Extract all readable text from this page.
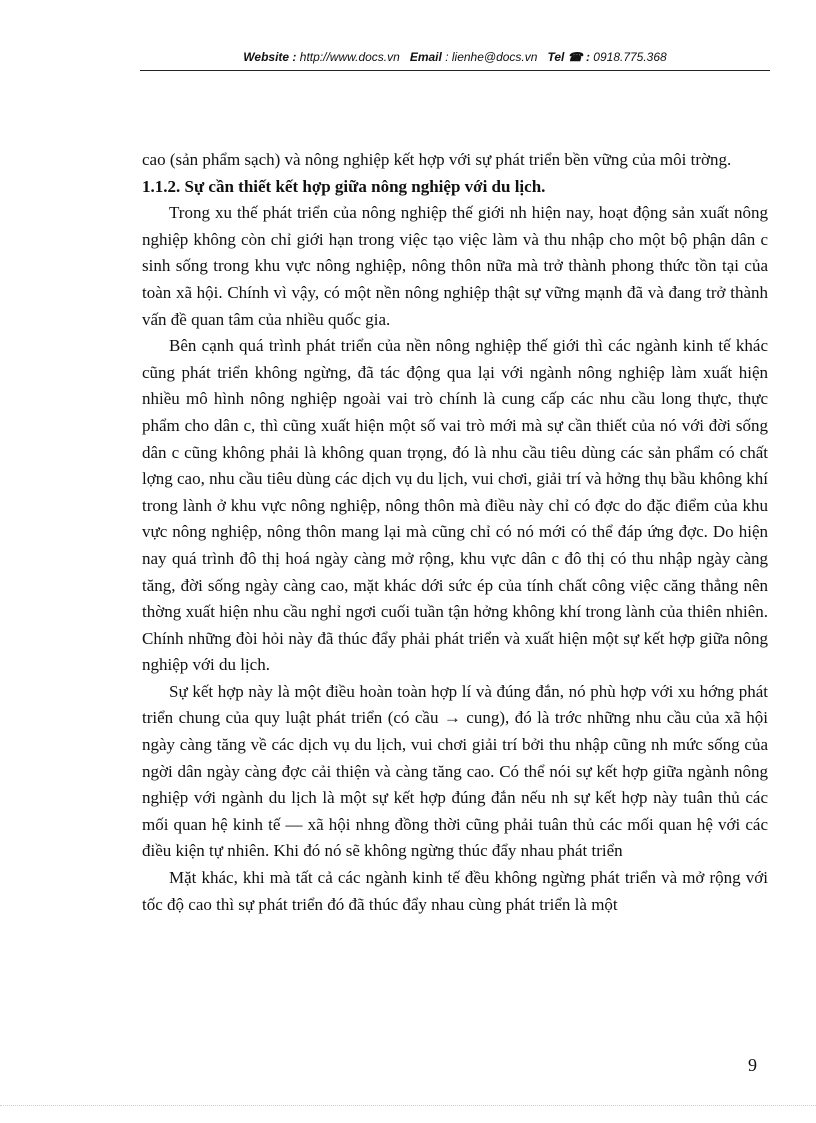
Website : http://www.docs.vn Email : lienhe@docs.vn Tel ☎ : 0918.775.368

cao (sản phẩm sạch) và nông nghiệp kết hợp với sự phát triển bền vững của môi trờng.

1.1.2. Sự cần thiết kết hợp giữa nông nghiệp với du lịch.

Trong xu thế phát triển của nông nghiệp thế giới nh hiện nay, hoạt động sản xuất nông nghiệp không còn chỉ giới hạn trong việc tạo việc làm và thu nhập cho một bộ phận dân c sinh sống trong khu vực nông nghiệp, nông thôn nữa mà trở thành phong thức tồn tại của toàn xã hội. Chính vì vậy, có một nền nông nghiệp thật sự vững mạnh đã và đang trở thành vấn đề quan tâm của nhiều quốc gia.

Bên cạnh quá trình phát triển của nền nông nghiệp thế giới thì các ngành kinh tế khác cũng phát triển không ngừng, đã tác động qua lại với ngành nông nghiệp làm xuất hiện nhiều mô hình nông nghiệp ngoài vai trò chính là cung cấp các nhu cầu long thực, thực phẩm cho dân c, thì cũng xuất hiện một số vai trò mới mà sự cần thiết của nó với đời sống dân c cũng không phải là không quan trọng, đó là nhu cầu tiêu dùng các sản phẩm có chất lợng cao, nhu cầu tiêu dùng các dịch vụ du lịch, vui chơi, giải trí và hởng thụ bầu không khí trong lành ở khu vực nông nghiệp, nông thôn mà điều này chỉ có đợc do đặc điểm của khu vực nông nghiệp, nông thôn mang lại mà cũng chỉ có nó mới có thể đáp ứng đợc. Do hiện nay quá trình đô thị hoá ngày càng mở rộng, khu vực dân c đô thị có thu nhập ngày càng tăng, đời sống ngày càng cao, mặt khác dới sức ép của tính chất công việc căng thẳng nên thờng xuất hiện nhu cầu nghỉ ngơi cuối tuần tận hởng không khí trong lành của thiên nhiên. Chính những đòi hỏi này đã thúc đẩy phải phát triển và xuất hiện một sự kết hợp giữa nông nghiệp với du lịch.

Sự kết hợp này là một điều hoàn toàn hợp lí và đúng đắn, nó phù hợp với xu hớng phát triển chung của quy luật phát triển (có cầu → cung), đó là trớc những nhu cầu của xã hội ngày càng tăng về các dịch vụ du lịch, vui chơi giải trí bởi thu nhập cũng nh mức sống của ngời dân ngày càng đợc cải thiện và càng tăng cao. Có thể nói sự kết hợp giữa ngành nông nghiệp với ngành du lịch là một sự kết hợp đúng đắn nếu nh sự kết hợp này tuân thủ các mối quan hệ kinh tế — xã hội nhng đồng thời cũng phải tuân thủ các mối quan hệ với các điều kiện tự nhiên. Khi đó nó sẽ không ngừng thúc đẩy nhau phát triển

Mặt khác, khi mà tất cả các ngành kinh tế đều không ngừng phát triển và mở rộng với tốc độ cao thì sự phát triển đó đã thúc đẩy nhau cùng phát triển là một

9
